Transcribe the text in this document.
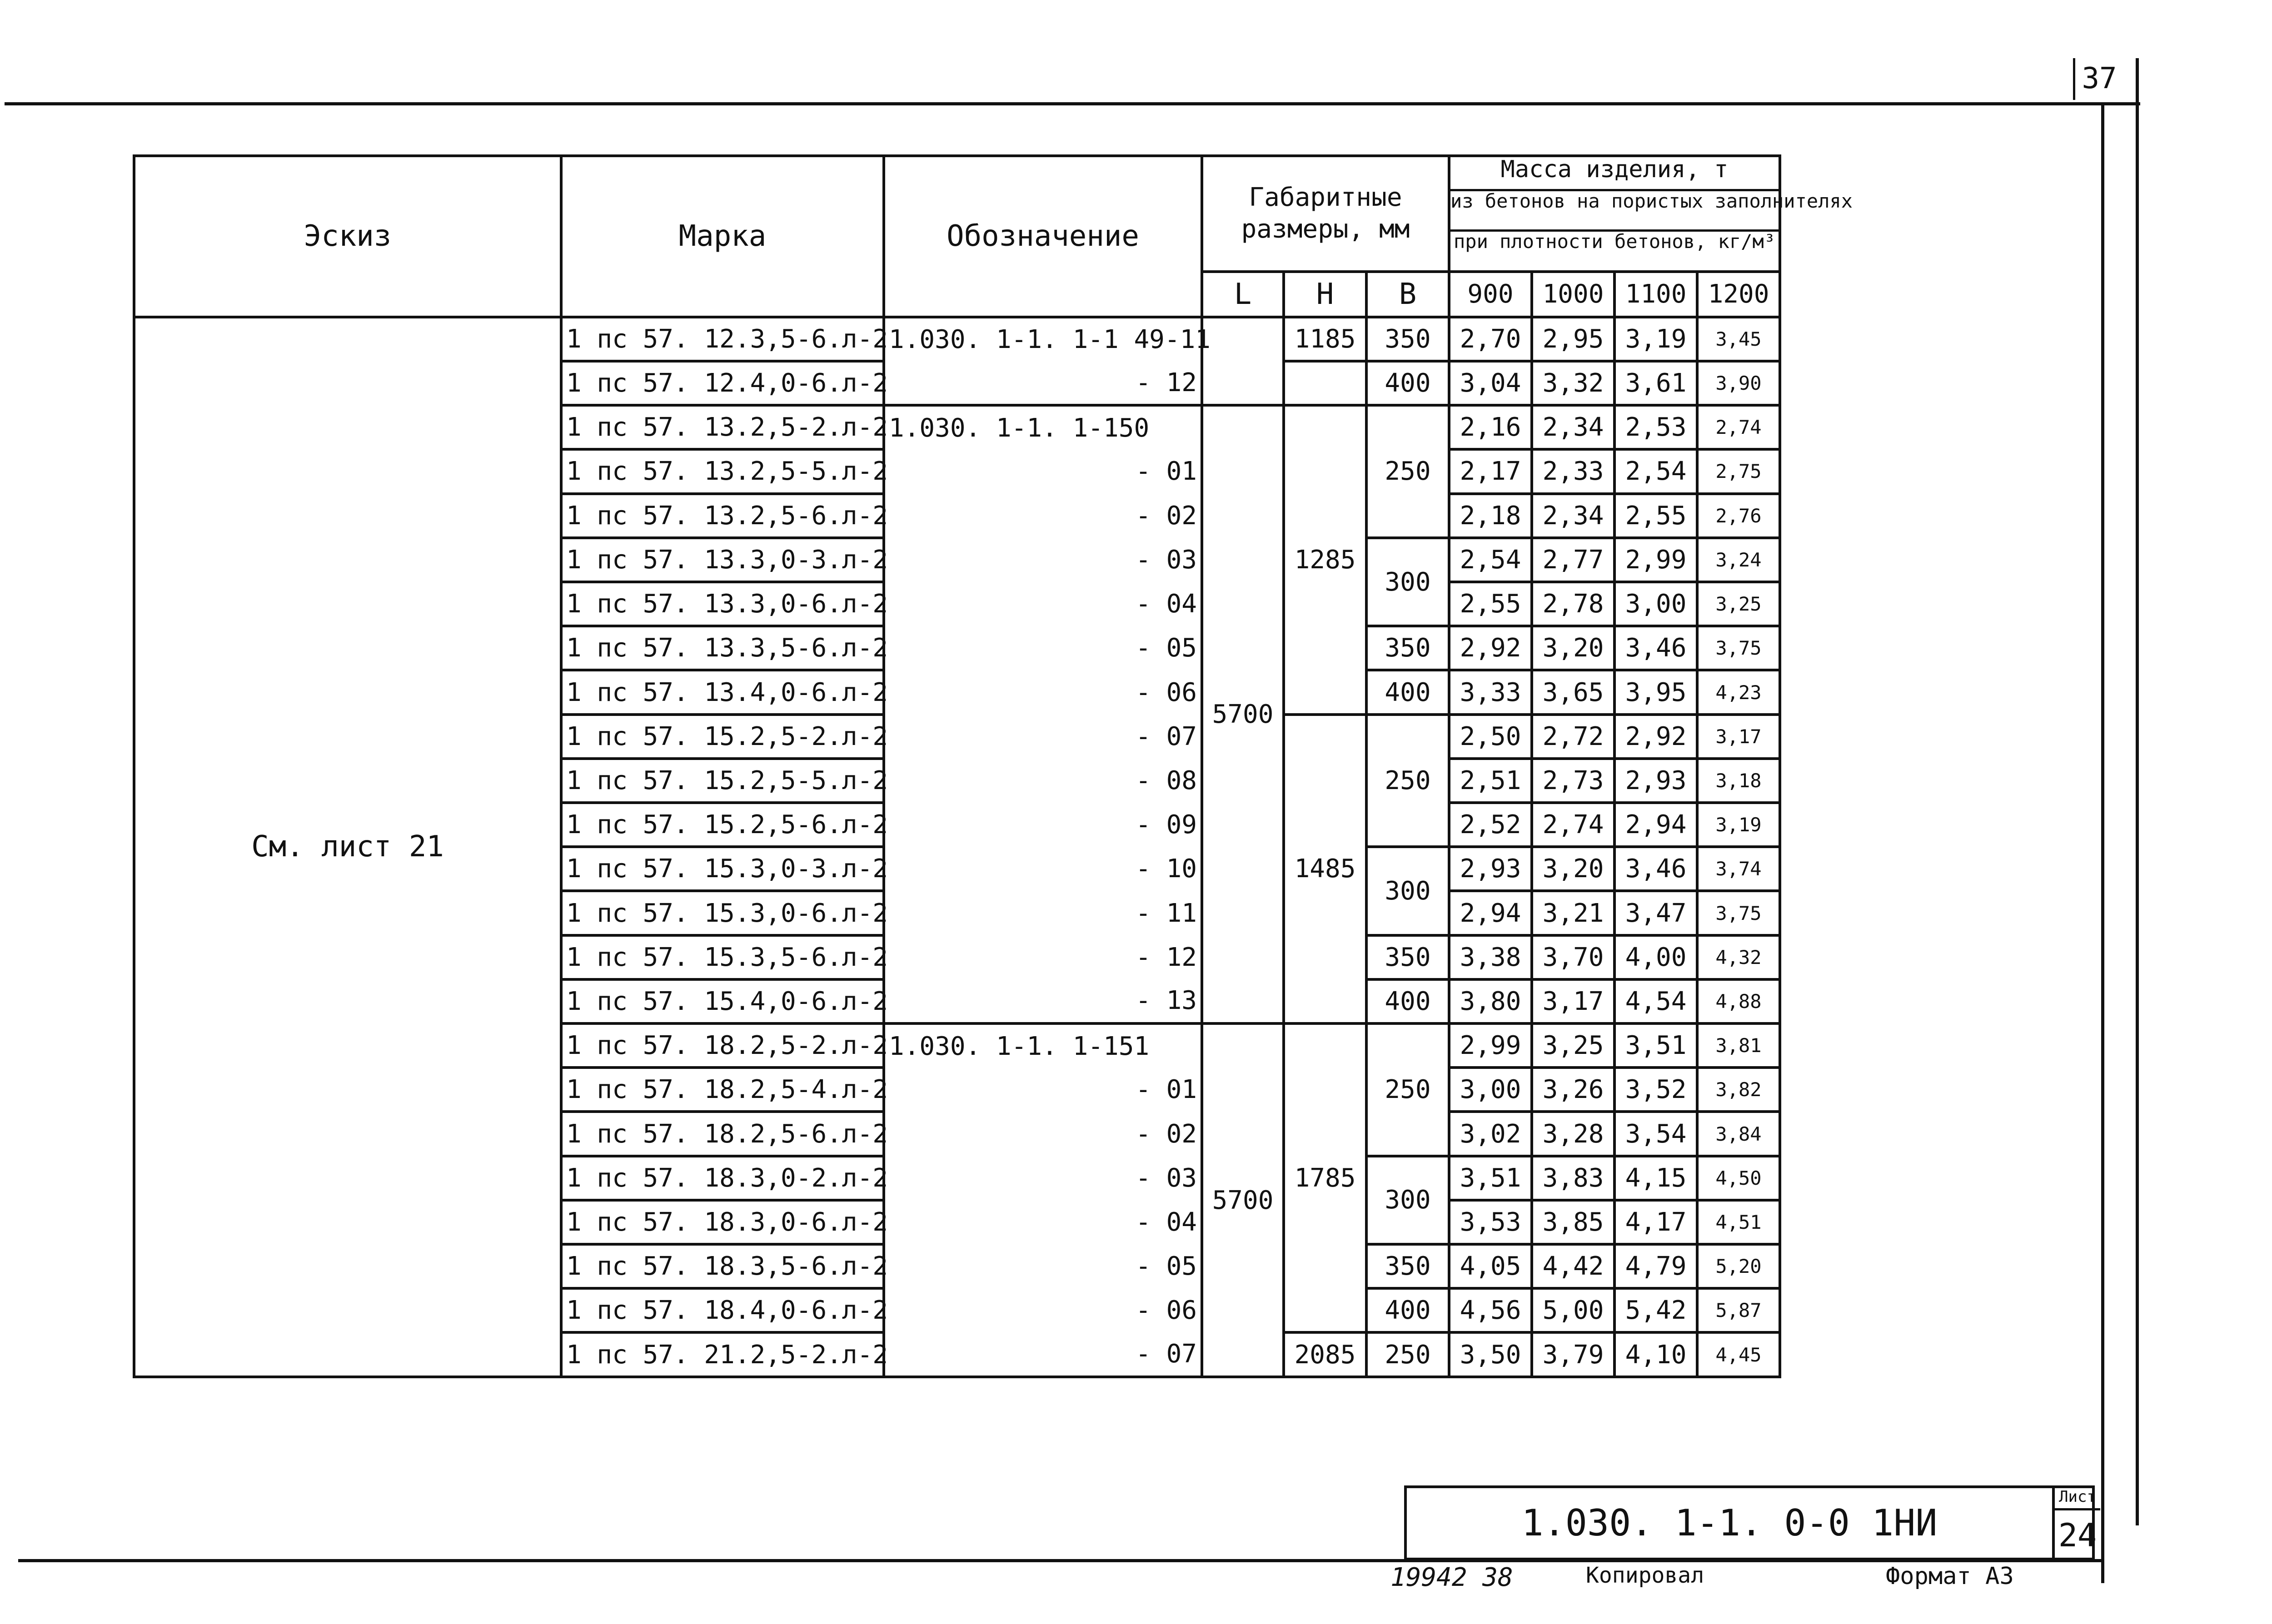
37
Эскиз	Марка	Обозначение	Габаритные размеры, мм			Масса изделия, т
из бетонов на пористых заполнителях
при плотности бетонов, кг/м³			

			L	H	B	900	1000	1100	1200
См. лист 21	1 пс 57. 12.3,5-6.л-2	1.030. 1-1. 1-1 49-11		1185	350	2,70	2,95	3,19	3,45
	1 пс 57. 12.4,0-6.л-2	- 12			400	3,04	3,32	3,61	3,90
	1 пс 57. 13.2,5-2.л-2	1.030. 1-1. 1-150	5700	1285	250	2,16	2,34	2,53	2,74
	1 пс 57. 13.2,5-5.л-2	- 01				2,17	2,33	2,54	2,75
	1 пс 57. 13.2,5-6.л-2	- 02				2,18	2,34	2,55	2,76
	1 пс 57. 13.3,0-3.л-2	- 03			300	2,54	2,77	2,99	3,24
	1 пс 57. 13.3,0-6.л-2	- 04				2,55	2,78	3,00	3,25
	1 пс 57. 13.3,5-6.л-2	- 05			350	2,92	3,20	3,46	3,75
	1 пс 57. 13.4,0-6.л-2	- 06			400	3,33	3,65	3,95	4,23
	1 пс 57. 15.2,5-2.л-2	- 07		1485	250	2,50	2,72	2,92	3,17
	1 пс 57. 15.2,5-5.л-2	- 08				2,51	2,73	2,93	3,18
	1 пс 57. 15.2,5-6.л-2	- 09				2,52	2,74	2,94	3,19
	1 пс 57. 15.3,0-3.л-2	- 10			300	2,93	3,20	3,46	3,74
	1 пс 57. 15.3,0-6.л-2	- 11				2,94	3,21	3,47	3,75
	1 пс 57. 15.3,5-6.л-2	- 12			350	3,38	3,70	4,00	4,32
	1 пс 57. 15.4,0-6.л-2	- 13			400	3,80	3,17	4,54	4,88
	1 пс 57. 18.2,5-2.л-2	1.030. 1-1. 1-151	5700	1785	250	2,99	3,25	3,51	3,81
	1 пс 57. 18.2,5-4.л-2	- 01				3,00	3,26	3,52	3,82
	1 пс 57. 18.2,5-6.л-2	- 02				3,02	3,28	3,54	3,84
	1 пс 57. 18.3,0-2.л-2	- 03			300	3,51	3,83	4,15	4,50
	1 пс 57. 18.3,0-6.л-2	- 04				3,53	3,85	4,17	4,51
	1 пс 57. 18.3,5-6.л-2	- 05			350	4,05	4,42	4,79	5,20
	1 пс 57. 18.4,0-6.л-2	- 06			400	4,56	5,00	5,42	5,87
	1 пс 57. 21.2,5-2.л-2	- 07		2085	250	3,50	3,79	4,10	4,45
1.030. 1-1. 0-0 1НИ
Лист
24
19942 38	Копировал	Формат А3
